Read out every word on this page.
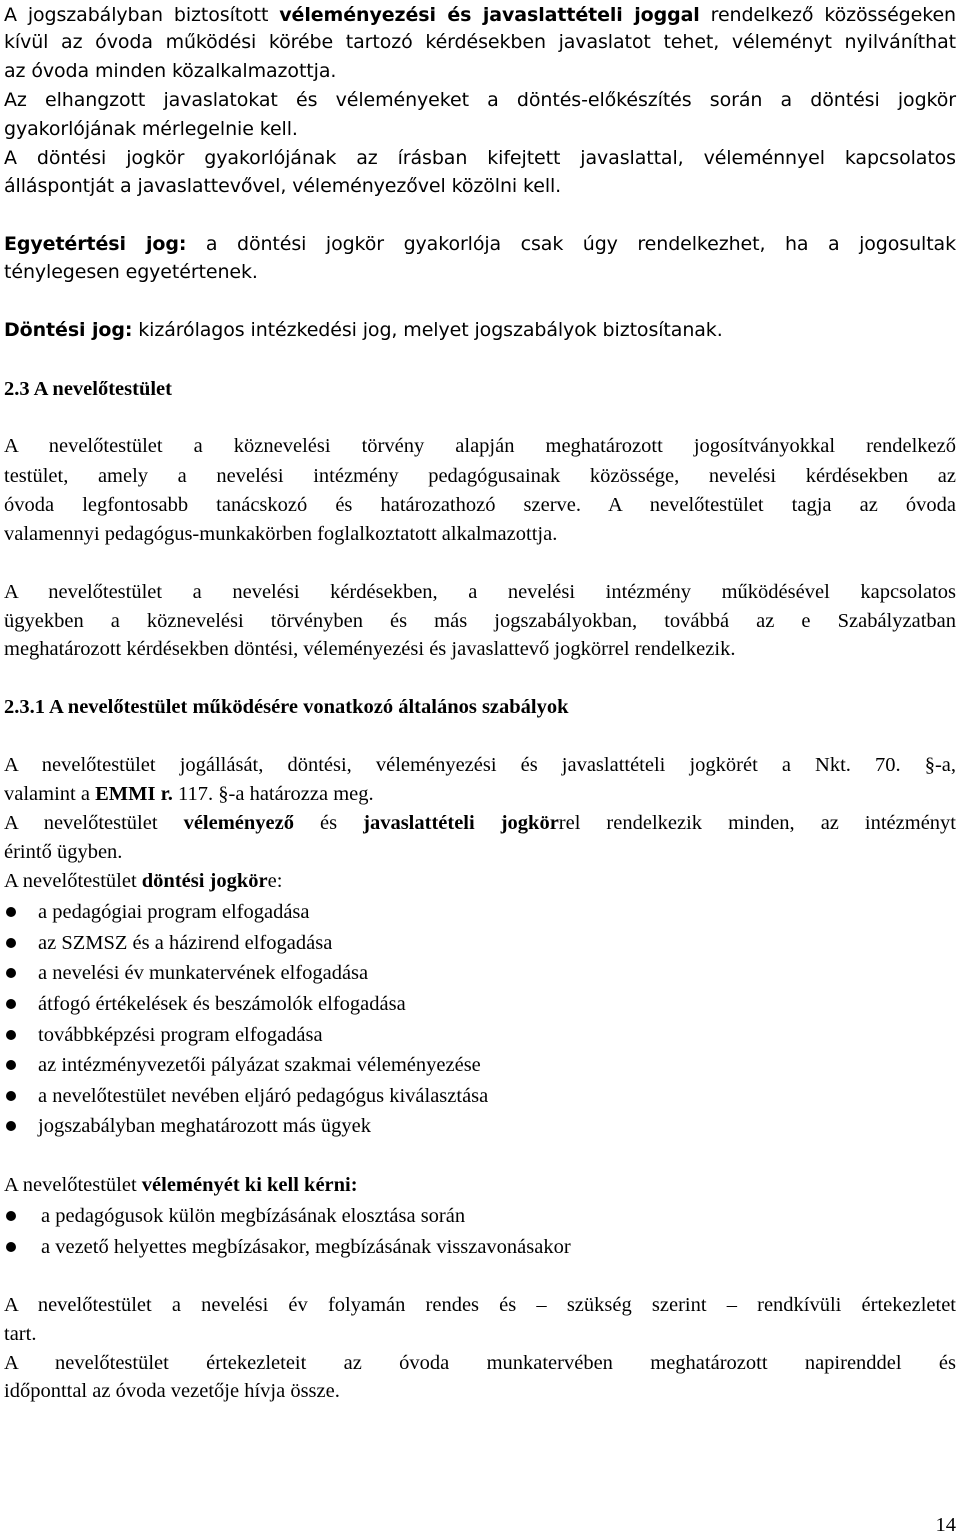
A jogszabályban biztosított véleményezési és javaslattételi joggal rendelkező közösségeken
kívül az óvoda működési körébe tartozó kérdésekben javaslatot tehet, véleményt nyilváníthat
az óvoda minden közalkalmazottja.
Az elhangzott javaslatokat és véleményeket a döntés-előkészítés során a döntési jogkör
gyakorlójának mérlegelnie kell.
A döntési jogkör gyakorlójának az írásban kifejtett javaslattal, véleménnyel kapcsolatos
álláspontját a javaslattevővel, véleményezővel közölni kell.
Egyetértési jog: a döntési jogkör gyakorlója csak úgy rendelkezhet, ha a jogosultak
ténylegesen egyetértenek.
Döntési jog: kizárólagos intézkedési jog, melyet jogszabályok biztosítanak.
2.3 A nevelőtestület
A nevelőtestület a köznevelési törvény alapján meghatározott jogosítványokkal rendelkező
testület, amely a nevelési intézmény pedagógusainak közössége, nevelési kérdésekben az
óvoda legfontosabb tanácskozó és határozathozó szerve. A nevelőtestület tagja az óvoda
valamennyi pedagógus-munkakörben foglalkoztatott alkalmazottja.
A nevelőtestület a nevelési kérdésekben, a nevelési intézmény működésével kapcsolatos
ügyekben a köznevelési törvényben és más jogszabályokban, továbbá az e Szabályzatban
meghatározott kérdésekben döntési, véleményezési és javaslattevő jogkörrel rendelkezik.
2.3.1 A nevelőtestület működésére vonatkozó általános szabályok
A nevelőtestület jogállását, döntési, véleményezési és javaslattételi jogkörét a Nkt. 70. §-a,
valamint a EMMI r. 117. §-a határozza meg.
A nevelőtestület véleményező és javaslattételi jogkörrel rendelkezik minden, az intézményt
érintő ügyben.
A nevelőtestület döntési jogköre:
a pedagógiai program elfogadása
az SZMSZ és a házirend elfogadása
a nevelési év munkatervének elfogadása
átfogó értékelések és beszámolók elfogadása
továbbképzési program elfogadása
az intézményvezetői pályázat szakmai véleményezése
a nevelőtestület nevében eljáró pedagógus kiválasztása
jogszabályban meghatározott más ügyek
A nevelőtestület véleményét ki kell kérni:
a pedagógusok külön megbízásának elosztása során
a vezető helyettes megbízásakor, megbízásának visszavonásakor
A nevelőtestület a nevelési év folyamán rendes és – szükség szerint – rendkívüli értekezletet
tart.
A nevelőtestület értekezleteit az óvoda munkatervében meghatározott napirenddel és
időponttal az óvoda vezetője hívja össze.
14
